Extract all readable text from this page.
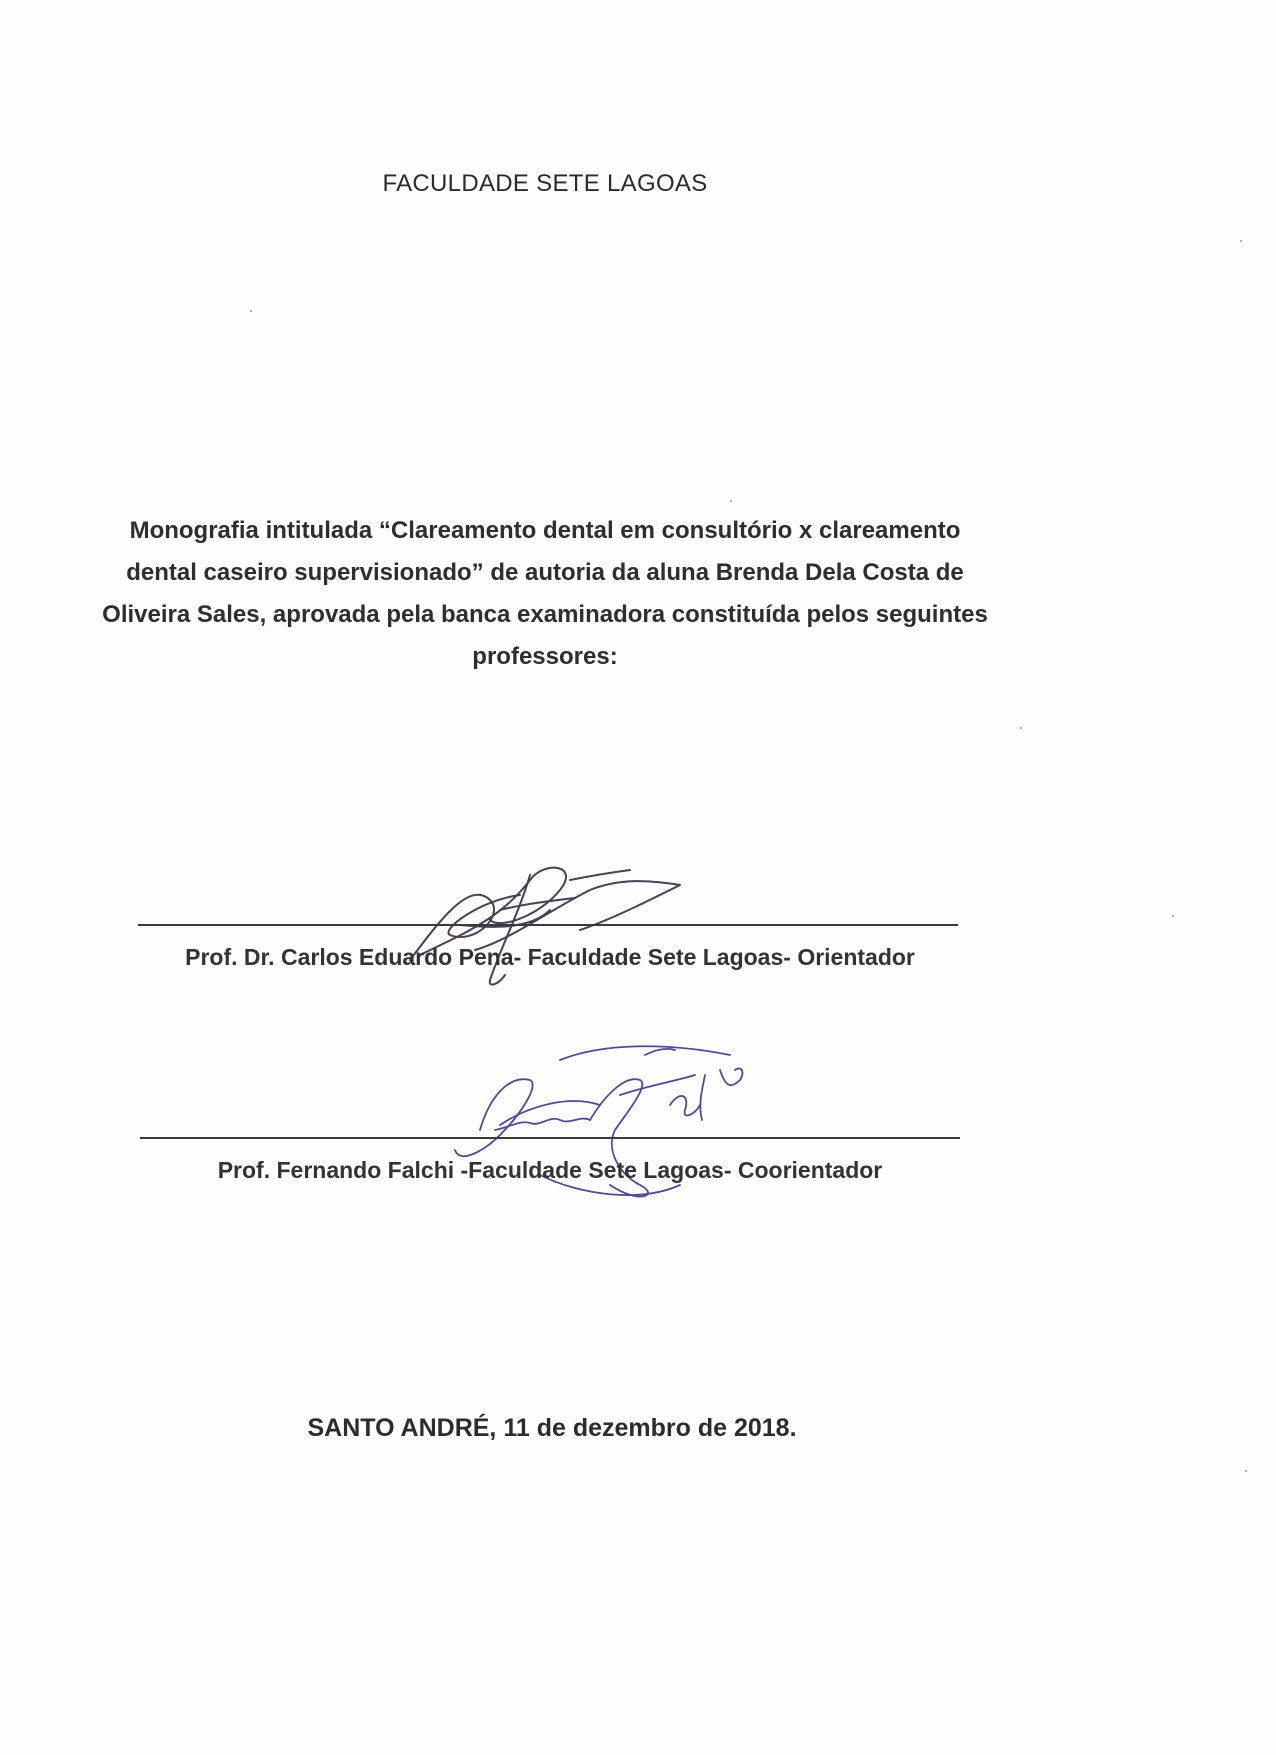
FACULDADE SETE LAGOAS
Monografia intitulada “Clareamento dental em consultório x clareamento dental caseiro supervisionado” de autoria da aluna Brenda Dela Costa de Oliveira Sales, aprovada pela banca examinadora constituída pelos seguintes professores:
Prof. Dr. Carlos Eduardo Pena- Faculdade Sete Lagoas- Orientador
Prof. Fernando Falchi -Faculdade Sete Lagoas- Coorientador
SANTO ANDRÉ, 11 de dezembro de 2018.
